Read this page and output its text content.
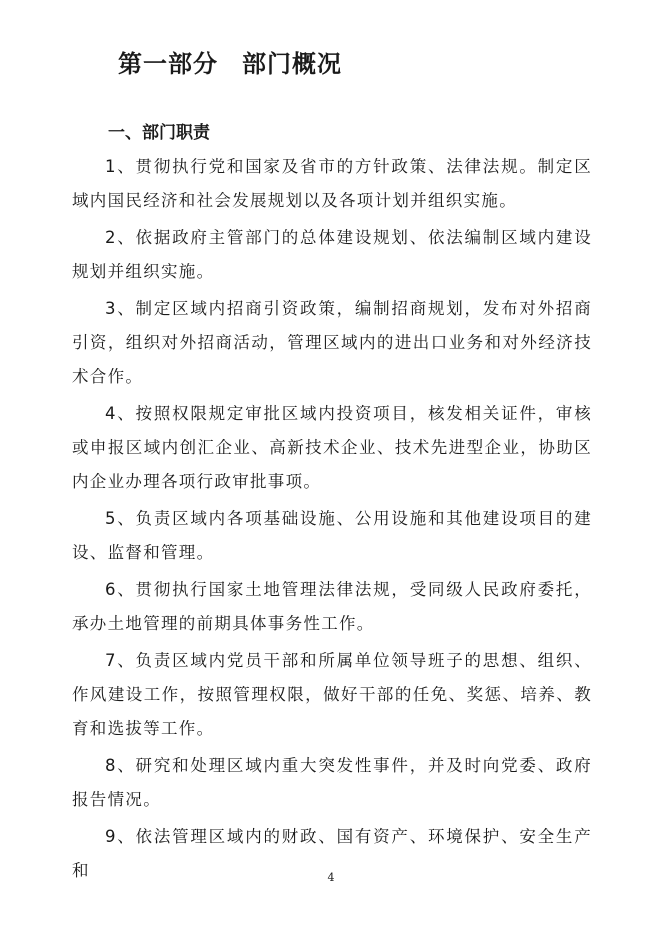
第一部分 部门概况
一、部门职责

1、贯彻执行党和国家及省市的方针政策、法律法规。制定区域内国民经济和社会发展规划以及各项计划并组织实施。

2、依据政府主管部门的总体建设规划、依法编制区域内建设规划并组织实施。

3、制定区域内招商引资政策，编制招商规划，发布对外招商引资，组织对外招商活动，管理区域内的进出口业务和对外经济技术合作。

4、按照权限规定审批区域内投资项目，核发相关证件，审核或申报区域内创汇企业、高新技术企业、技术先进型企业，协助区内企业办理各项行政审批事项。

5、负责区域内各项基础设施、公用设施和其他建设项目的建设、监督和管理。

6、贯彻执行国家土地管理法律法规，受同级人民政府委托，承办土地管理的前期具体事务性工作。

7、负责区域内党员干部和所属单位领导班子的思想、组织、作风建设工作，按照管理权限，做好干部的任免、奖惩、培养、教育和选拔等工作。

8、研究和处理区域内重大突发性事件，并及时向党委、政府报告情况。

9、依法管理区域内的财政、国有资产、环境保护、安全生产和	4
